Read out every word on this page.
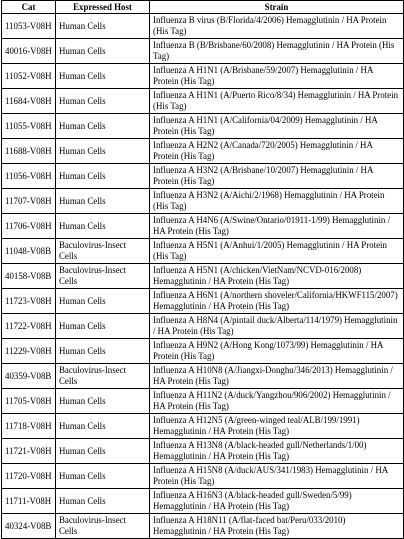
Cat	Expressed Host	Strain
11053-V08H	Human Cells	Influenza B virus (B/Florida/4/2006) Hemagglutinin / HA Protein (His Tag)
40016-V08H	Human Cells	Influenza B (B/Brisbane/60/2008) Hemagglutinin / HA Protein (His Tag)
11052-V08H	Human Cells	Influenza A H1N1 (A/Brisbane/59/2007) Hemagglutinin / HA Protein (His Tag)
11684-V08H	Human Cells	Influenza A H1N1 (A/Puerto Rico/8/34) Hemagglutinin / HA Protein (His Tag)
11055-V08H	Human Cells	Influenza A H1N1 (A/California/04/2009) Hemagglutinin / HA Protein (His Tag)
11688-V08H	Human Cells	Influenza A H2N2 (A/Canada/720/2005) Hemagglutinin / HA Protein (His Tag)
11056-V08H	Human Cells	Influenza A H3N2 (A/Brisbane/10/2007) Hemagglutinin / HA Protein (His Tag)
11707-V08H	Human Cells	Influenza A H3N2 (A/Aichi/2/1968) Hemagglutinin / HA Protein (His Tag)
11706-V08H	Human Cells	Influenza A H4N6 (A/Swine/Ontario/01911-1/99) Hemagglutinin / HA Protein (His Tag)
11048-V08B	Baculovirus-Insect Cells	Influenza A H5N1 (A/Anhui/1/2005) Hemagglutinin / HA Protein (His Tag)
40158-V08B	Baculovirus-Insect Cells	Influenza A H5N1 (A/chicken/VietNam/NCVD-016/2008) Hemagglutinin / HA Protein (His Tag)
11723-V08H	Human Cells	Influenza A H6N1 (A/northern shoveler/California/HKWF115/2007) Hemagglutinin / HA Protein (His Tag)
11722-V08H	Human Cells	Influenza A H8N4 (A/pintail duck/Alberta/114/1979) Hemagglutinin / HA Protein (His Tag)
11229-V08H	Human Cells	Influenza A H9N2 (A/Hong Kong/1073/99) Hemagglutinin / HA Protein (His Tag)
40359-V08B	Baculovirus-Insect Cells	Influenza A H10N8 (A/Jiangxi-Donghu/346/2013) Hemagglutinin / HA Protein (His Tag)
11705-V08H	Human Cells	Influenza A H11N2 (A/duck/Yangzhou/906/2002) Hemagglutinin / HA Protein (His Tag)
11718-V08H	Human Cells	Influenza A H12N5 (A/green-winged teal/ALB/199/1991) Hemagglutinin / HA Protein (His Tag)
11721-V08H	Human Cells	Influenza A H13N8 (A/black-headed gull/Netherlands/1/00) Hemagglutinin / HA Protein (His Tag)
11720-V08H	Human Cells	Influenza A H15N8 (A/duck/AUS/341/1983) Hemagglutinin / HA Protein (His Tag)
11711-V08H	Human Cells	Influenza A H16N3 (A/black-headed gull/Sweden/5/99) Hemagglutinin / HA Protein (His Tag)
40324-V08B	Baculovirus-Insect Cells	Influenza A H18N11 (A/flat-faced bat/Peru/033/2010) Hemagglutinin / HA Protein (His Tag)
